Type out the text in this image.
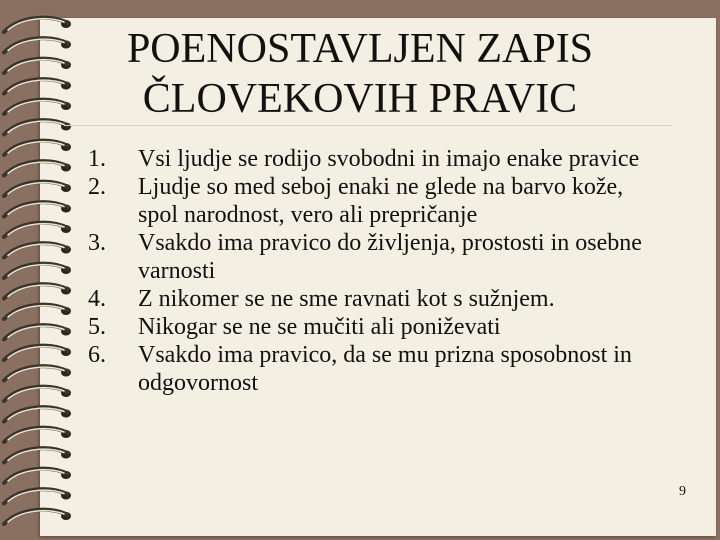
POENOSTAVLJEN ZAPIS
ČLOVEKOVIH PRAVIC
1.	Vsi ljudje se rodijo svobodni in imajo enake pravice
2.	Ljudje so med seboj enaki ne glede na barvo kože, spol narodnost, vero ali prepričanje
3.	Vsakdo ima pravico do življenja, prostosti in osebne varnosti
4.	Z nikomer se ne sme ravnati kot s sužnjem.
5.	Nikogar se ne se mučiti ali poniževati
6.	Vsakdo ima pravico, da se mu prizna sposobnost in odgovornost
9
